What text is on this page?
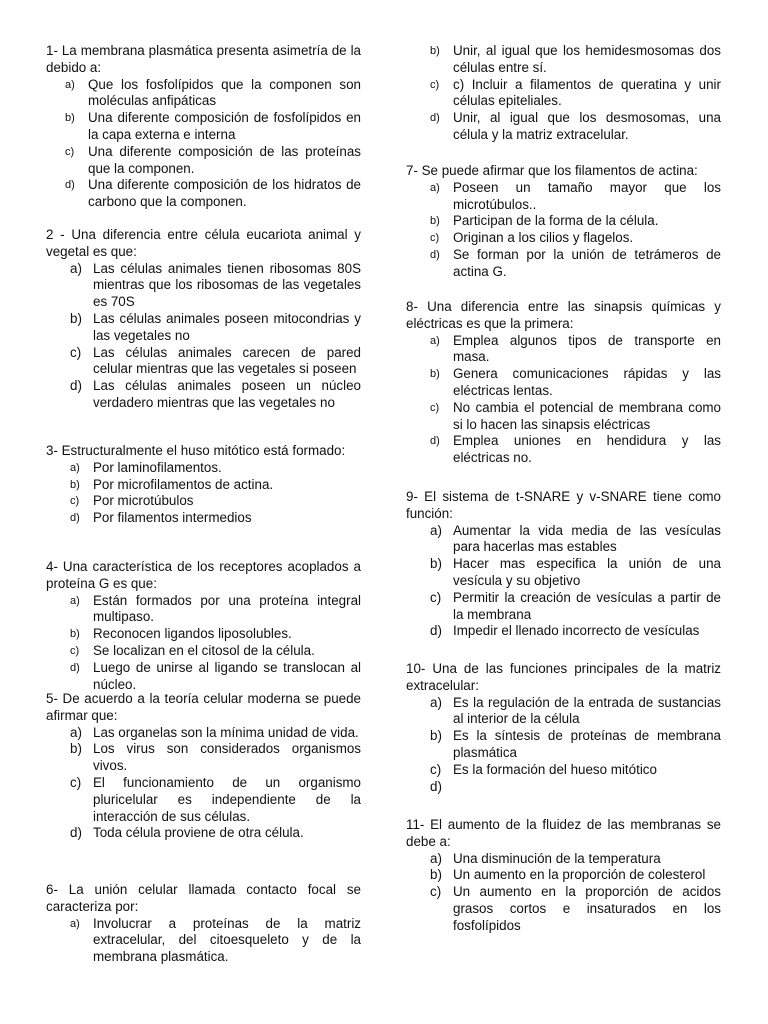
1- La membrana plasmática presenta asimetría de la debido a:
a) Que los fosfolípidos que la componen son moléculas anfipáticas
b) Una diferente composición de fosfolípidos en la capa externa e interna
c) Una diferente composición de las proteínas que la componen.
d) Una diferente composición de los hidratos de carbono que la componen.
2 - Una diferencia entre célula eucariota animal y vegetal es que:
a) Las células animales tienen ribosomas 80S mientras que los ribosomas de las vegetales es 70S
b) Las células animales poseen mitocondrias y las vegetales no
c) Las células animales carecen de pared celular mientras que las vegetales si poseen
d) Las células animales poseen un núcleo verdadero mientras que las vegetales no
3- Estructuralmente el huso mitótico está formado:
a) Por laminofilamentos.
b) Por microfilamentos de actina.
c) Por microtúbulos
d) Por filamentos intermedios
4- Una característica de los receptores acoplados a proteína G es que:
a) Están formados por una proteína integral multipaso.
b) Reconocen ligandos liposolubles.
c) Se localizan en el citosol de la célula.
d) Luego de unirse al ligando se translocan al núcleo.
5- De acuerdo a la teoría celular moderna se puede afirmar que:
a) Las organelas son la mínima unidad de vida.
b) Los virus son considerados organismos vivos.
c) El funcionamiento de un organismo pluricelular es independiente de la interacción de sus células.
d) Toda célula proviene de otra célula.
6- La unión celular llamada contacto focal se caracteriza por:
a) Involucrar a proteínas de la matriz extracelular, del citoesqueleto y de la membrana plasmática.
b) Unir, al igual que los hemidesmosomas dos células entre sí.
c) c) Incluir a filamentos de queratina y unir células epiteliales.
d) Unir, al igual que los desmosomas, una célula y la matriz extracelular.
7- Se puede afirmar que los filamentos de actina:
a) Poseen un tamaño mayor que los microtúbulos..
b) Participan de la forma de la célula.
c) Originan a los cilios y flagelos.
d) Se forman por la unión de tetrámeros de actina G.
8- Una diferencia entre las sinapsis químicas y eléctricas es que la primera:
a) Emplea algunos tipos de transporte en masa.
b) Genera comunicaciones rápidas y las eléctricas lentas.
c) No cambia el potencial de membrana como si lo hacen las sinapsis eléctricas
d) Emplea uniones en hendidura y las eléctricas no.
9- El sistema de t-SNARE y v-SNARE tiene como función:
a) Aumentar la vida media de las vesículas para hacerlas mas estables
b) Hacer mas especifica la unión de una vesícula y su objetivo
c) Permitir la creación de vesículas a partir de la membrana
d) Impedir el llenado incorrecto de vesículas
10- Una de las funciones principales de la matriz extracelular:
a) Es la regulación de la entrada de sustancias al interior de la célula
b) Es la síntesis de proteínas de membrana plasmática
c) Es la formación del hueso mitótico
d)
11- El aumento de la fluidez de las membranas se debe a:
a) Una disminución de la temperatura
b) Un aumento en la proporción de colesterol
c) Un aumento en la proporción de acidos grasos cortos e insaturados en los fosfolípidos
